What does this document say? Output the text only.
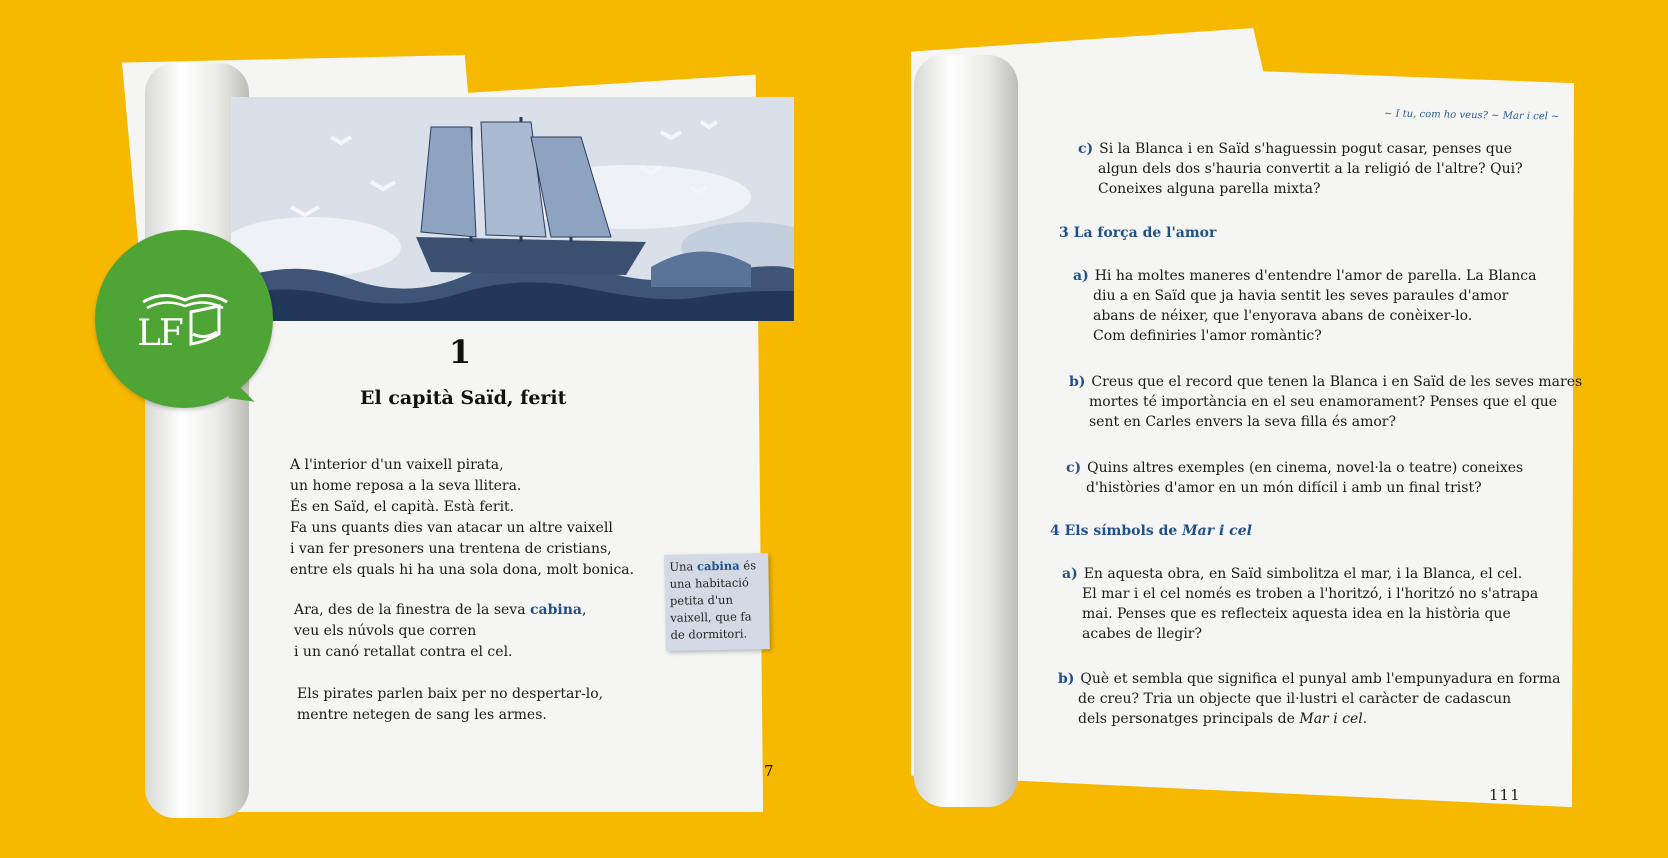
1
El capità Saïd, ferit
A l'interior d'un vaixell pirata,
un home reposa a la seva llitera.
És en Saïd, el capità. Està ferit.
Fa uns quants dies van atacar un altre vaixell
i van fer presoners una trentena de cristians,
entre els quals hi ha una sola dona, molt bonica.
Ara, des de la finestra de la seva cabina,
veu els núvols que corren
i un canó retallat contra el cel.
Els pirates parlen baix per no despertar-lo,
mentre netegen de sang les armes.
Una cabina és
una habitació
petita d'un
vaixell, que fa
de dormitori.
7
LF
~ I tu, com ho veus? ~ Mar i cel ~
c) Si la Blanca i en Saïd s'haguessin pogut casar, penses que
algun dels dos s'hauria convertit a la religió de l'altre? Qui?
Coneixes alguna parella mixta?
3 La força de l'amor
a) Hi ha moltes maneres d'entendre l'amor de parella. La Blanca
diu a en Saïd que ja havia sentit les seves paraules d'amor
abans de néixer, que l'enyorava abans de conèixer-lo.
Com definiries l'amor romàntic?
b) Creus que el record que tenen la Blanca i en Saïd de les seves mares
mortes té importància en el seu enamorament? Penses que el que
sent en Carles envers la seva filla és amor?
c) Quins altres exemples (en cinema, novel·la o teatre) coneixes
d'històries d'amor en un món difícil i amb un final trist?
4 Els símbols de Mar i cel
a) En aquesta obra, en Saïd simbolitza el mar, i la Blanca, el cel.
El mar i el cel només es troben a l'horitzó, i l'horitzó no s'atrapa
mai. Penses que es reflecteix aquesta idea en la història que
acabes de llegir?
b) Què et sembla que significa el punyal amb l'empunyadura en forma
de creu? Tria un objecte que il·lustri el caràcter de cadascun
dels personatges principals de Mar i cel.
111
